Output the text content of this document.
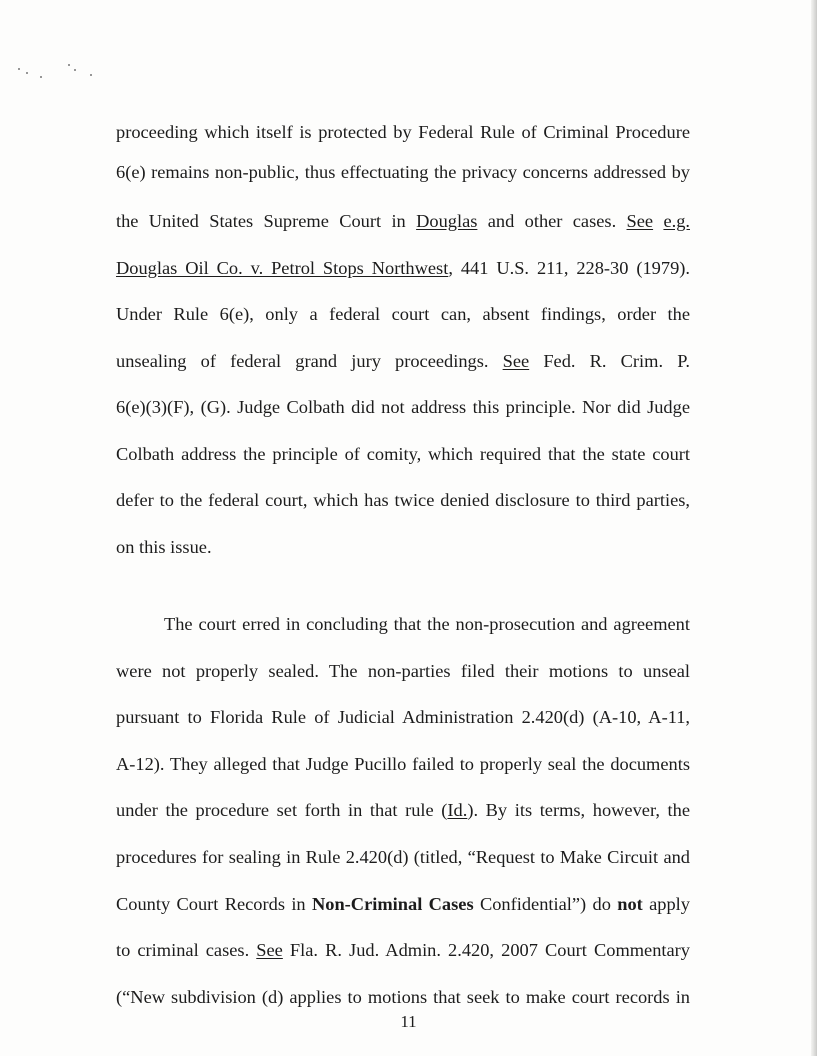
proceeding which itself is protected by Federal Rule of Criminal Procedure
6(e) remains non-public, thus effectuating the privacy concerns addressed by
the United States Supreme Court in Douglas and other cases. See e.g.
Douglas Oil Co. v. Petrol Stops Northwest, 441 U.S. 211, 228-30 (1979).
Under Rule 6(e), only a federal court can, absent findings, order the
unsealing of federal grand jury proceedings. See Fed. R. Crim. P.
6(e)(3)(F), (G). Judge Colbath did not address this principle. Nor did Judge
Colbath address the principle of comity, which required that the state court
defer to the federal court, which has twice denied disclosure to third parties,
on this issue.
The court erred in concluding that the non-prosecution and agreement
were not properly sealed. The non-parties filed their motions to unseal
pursuant to Florida Rule of Judicial Administration 2.420(d) (A-10, A-11,
A-12). They alleged that Judge Pucillo failed to properly seal the documents
under the procedure set forth in that rule (Id.). By its terms, however, the
procedures for sealing in Rule 2.420(d) (titled, “Request to Make Circuit and
County Court Records in Non-Criminal Cases Confidential”) do not apply
to criminal cases. See Fla. R. Jud. Admin. 2.420, 2007 Court Commentary
(“New subdivision (d) applies to motions that seek to make court records in
11
